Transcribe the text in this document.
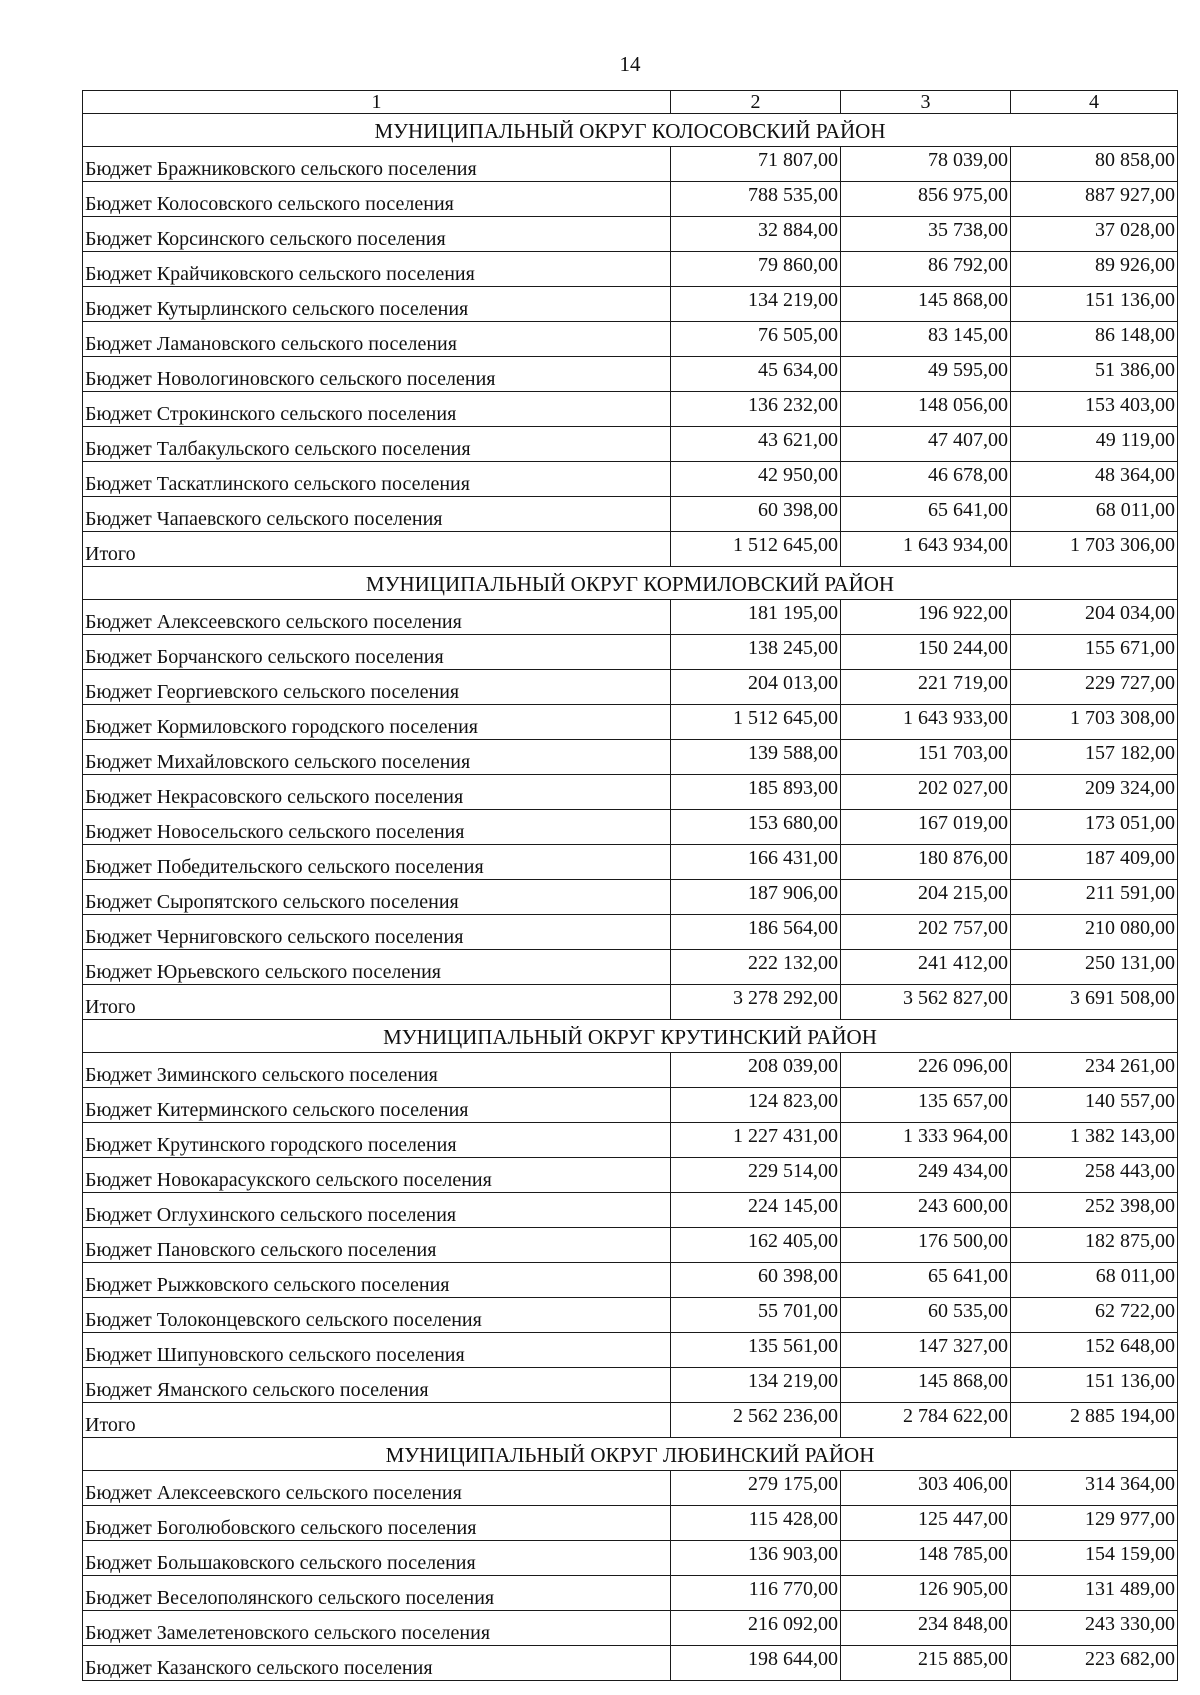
14
1	2	3	4
МУНИЦИПАЛЬНЫЙ ОКРУГ КОЛОСОВСКИЙ РАЙОН			
Бюджет Бражниковского сельского поселения	71 807,00	78 039,00	80 858,00
Бюджет Колосовского сельского поселения	788 535,00	856 975,00	887 927,00
Бюджет Корсинского сельского поселения	32 884,00	35 738,00	37 028,00
Бюджет Крайчиковского сельского поселения	79 860,00	86 792,00	89 926,00
Бюджет Кутырлинского сельского поселения	134 219,00	145 868,00	151 136,00
Бюджет Ламановского сельского поселения	76 505,00	83 145,00	86 148,00
Бюджет Новологиновского сельского поселения	45 634,00	49 595,00	51 386,00
Бюджет Строкинского сельского поселения	136 232,00	148 056,00	153 403,00
Бюджет Талбакульского сельского поселения	43 621,00	47 407,00	49 119,00
Бюджет Таскатлинского сельского поселения	42 950,00	46 678,00	48 364,00
Бюджет Чапаевского сельского поселения	60 398,00	65 641,00	68 011,00
Итого	1 512 645,00	1 643 934,00	1 703 306,00
МУНИЦИПАЛЬНЫЙ ОКРУГ КОРМИЛОВСКИЙ РАЙОН			
Бюджет Алексеевского сельского поселения	181 195,00	196 922,00	204 034,00
Бюджет Борчанского сельского поселения	138 245,00	150 244,00	155 671,00
Бюджет Георгиевского сельского поселения	204 013,00	221 719,00	229 727,00
Бюджет Кормиловского городского поселения	1 512 645,00	1 643 933,00	1 703 308,00
Бюджет Михайловского сельского поселения	139 588,00	151 703,00	157 182,00
Бюджет Некрасовского сельского поселения	185 893,00	202 027,00	209 324,00
Бюджет Новосельского сельского поселения	153 680,00	167 019,00	173 051,00
Бюджет Победительского сельского поселения	166 431,00	180 876,00	187 409,00
Бюджет Сыропятского сельского поселения	187 906,00	204 215,00	211 591,00
Бюджет Черниговского сельского поселения	186 564,00	202 757,00	210 080,00
Бюджет Юрьевского сельского поселения	222 132,00	241 412,00	250 131,00
Итого	3 278 292,00	3 562 827,00	3 691 508,00
МУНИЦИПАЛЬНЫЙ ОКРУГ КРУТИНСКИЙ РАЙОН			
Бюджет Зиминского сельского поселения	208 039,00	226 096,00	234 261,00
Бюджет Китерминского сельского поселения	124 823,00	135 657,00	140 557,00
Бюджет Крутинского городского поселения	1 227 431,00	1 333 964,00	1 382 143,00
Бюджет Новокарасукского сельского поселения	229 514,00	249 434,00	258 443,00
Бюджет Оглухинского сельского поселения	224 145,00	243 600,00	252 398,00
Бюджет Пановского сельского поселения	162 405,00	176 500,00	182 875,00
Бюджет Рыжковского сельского поселения	60 398,00	65 641,00	68 011,00
Бюджет Толоконцевского сельского поселения	55 701,00	60 535,00	62 722,00
Бюджет Шипуновского сельского поселения	135 561,00	147 327,00	152 648,00
Бюджет Яманского сельского поселения	134 219,00	145 868,00	151 136,00
Итого	2 562 236,00	2 784 622,00	2 885 194,00
МУНИЦИПАЛЬНЫЙ ОКРУГ ЛЮБИНСКИЙ РАЙОН			
Бюджет Алексеевского сельского поселения	279 175,00	303 406,00	314 364,00
Бюджет Боголюбовского сельского поселения	115 428,00	125 447,00	129 977,00
Бюджет Большаковского сельского поселения	136 903,00	148 785,00	154 159,00
Бюджет Веселополянского сельского поселения	116 770,00	126 905,00	131 489,00
Бюджет Замелетеновского сельского поселения	216 092,00	234 848,00	243 330,00
Бюджет Казанского сельского поселения	198 644,00	215 885,00	223 682,00
